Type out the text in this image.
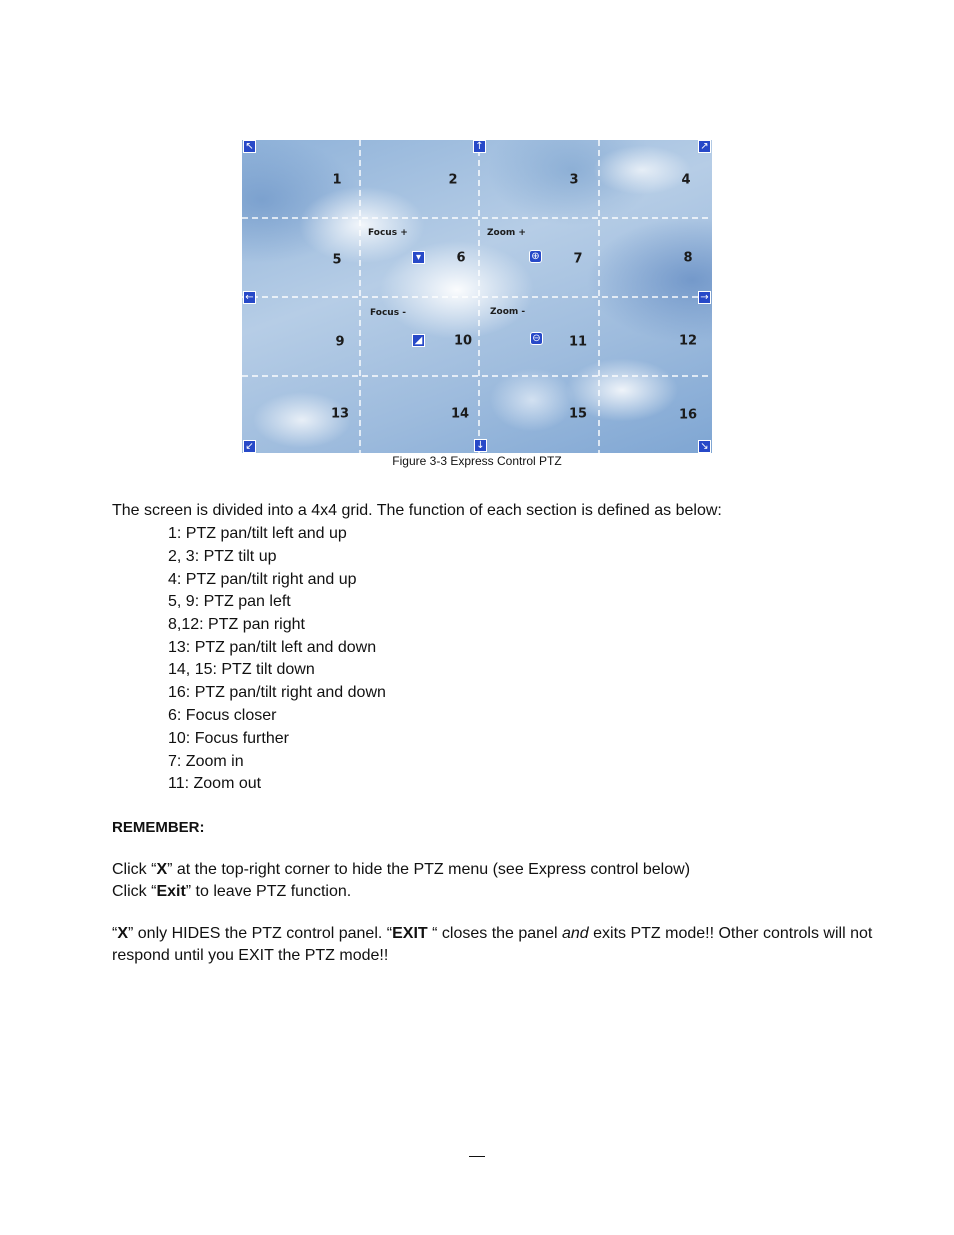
1	2	3	4
5	6	7	8
9	10	11	12
13	14	15	16
Focus +	Zoom +
Focus -	Zoom -
↖	↑	↗
←	→
↙	↓	↘
▾	⊕
◢	⊖
Figure 3-3 Express Control PTZ
The screen is divided into a 4x4 grid. The function of each section is defined as below:
1: PTZ pan/tilt left and up
2, 3: PTZ tilt up
4: PTZ pan/tilt right and up
5, 9: PTZ pan left
8,12: PTZ pan right
13: PTZ pan/tilt left and down
14, 15: PTZ tilt down
16: PTZ pan/tilt right and down
6: Focus closer
10: Focus further
7: Zoom in
11: Zoom out
REMEMBER:
Click “X” at the top-right corner to hide the PTZ menu (see Express control below)
Click “Exit” to leave PTZ function.
“X” only HIDES the PTZ control panel. “EXIT “ closes the panel and exits PTZ mode!! Other controls will not
respond until you EXIT the PTZ mode!!
